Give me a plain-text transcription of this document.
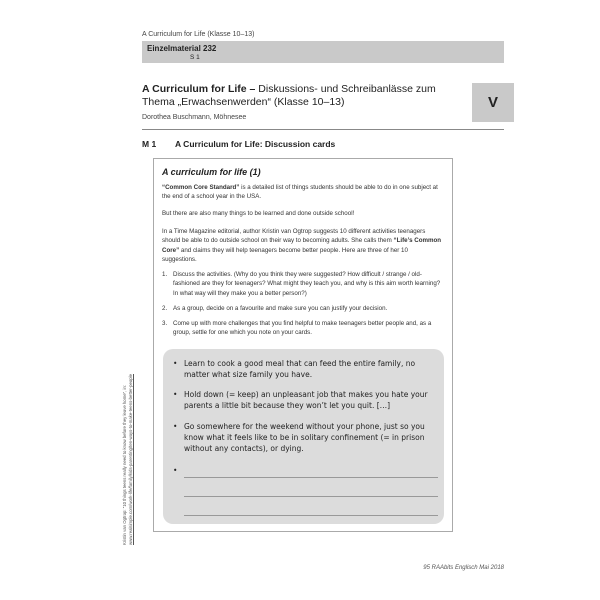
A Curriculum for Life (Klasse 10–13)
Einzelmaterial 232
S 1
V
A Curriculum for Life – Diskussions- und Schreibanlässe zum Thema „Erwachsenwerden“ (Klasse 10–13)
Dorothea Buschmann, Möhnesee
M 1 A Curriculum for Life: Discussion cards
A curriculum for life (1)
“Common Core Standard” is a detailed list of things students should be able to do in one subject at the end of a school year in the USA.
But there are also many things to be learned and done outside school!
In a Time Magazine editorial, author Kristin van Ogtrop suggests 10 different activities teenagers should be able to do outside school on their way to becoming adults. She calls them “Life’s Common Core” and claims they will help teenagers become better people. Here are three of her 10 suggestions.
1. Discuss the activities. (Why do you think they were suggested? How difficult / strange / old-fashioned are they for teenagers? What might they teach you, and why is this aim worth learning? In what way will they make you a better person?)
2. As a group, decide on a favourite and make sure you can justify your decision.
3. Come up with more challenges that you find helpful to make teenagers better people and, as a group, settle for one which you note on your cards.
• Learn to cook a good meal that can feed the entire family, no matter what size family you have.
• Hold down (= keep) an unpleasant job that makes you hate your parents a little bit because they won’t let you quit. […]
• Go somewhere for the weekend without your phone, just so you know what it feels like to be in solitary confinement (= in prison without any contacts), or dying.
•
Kristin van Ogtrop: “10 things teens really need to know before they leave home”, in: www.realsimple.com/work-life/family/kids-parenting/ten-ways-to-make-teens-better-people
95 RAAbits Englisch Mai 2018
